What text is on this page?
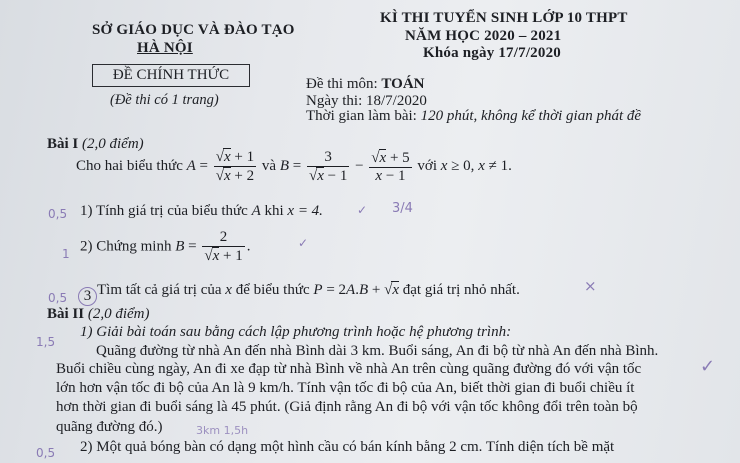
SỞ GIÁO DỤC VÀ ĐÀO TẠO
HÀ NỘI
ĐỀ CHÍNH THỨC
(Đề thi có 1 trang)
KÌ THI TUYỂN SINH LỚP 10 THPT
NĂM HỌC 2020 – 2021
Khóa ngày 17/7/2020
Đề thi môn: TOÁN
Ngày thi: 18/7/2020
Thời gian làm bài: 120 phút, không kể thời gian phát đề
Bài I (2,0 điểm)
Cho hai biểu thức $A = \frac{√x + 1}{√x + 2}$ và $B = \frac{3}{√x - 1} - \frac{√x + 5}{x - 1}$ với x ≥ 0, x ≠ 1.
0,5 1) Tính giá trị của biểu thức A khi x = 4.	✓ 3/4
1 2) Chứng minh $B = \frac{2}{√x + 1}$ .	✓
0,5	3 Tìm tất cả giá trị của x để biểu thức P = 2A.B + √x đạt giá trị nhỏ nhất.	×
Bài II (2,0 điểm)
1,5
1) Giải bài toán sau bằng cách lập phương trình hoặc hệ phương trình:
Quãng đường từ nhà An đến nhà Bình dài 3 km. Buổi sáng, An đi bộ từ nhà An đến nhà Bình.
Buổi chiều cùng ngày, An đi xe đạp từ nhà Bình về nhà An trên cùng quãng đường đó với vận tốc
lớn hơn vận tốc đi bộ của An là 9 km/h. Tính vận tốc đi bộ của An, biết thời gian đi buổi chiều ít
hơn thời gian đi buổi sáng là 45 phút. (Giả định rằng An đi bộ với vận tốc không đổi trên toàn bộ
quãng đường đó.)	3km 1,5h
✓
0,5 2) Một quả bóng bàn có dạng một hình cầu có bán kính bằng 2 cm. Tính diện tích bề mặt
